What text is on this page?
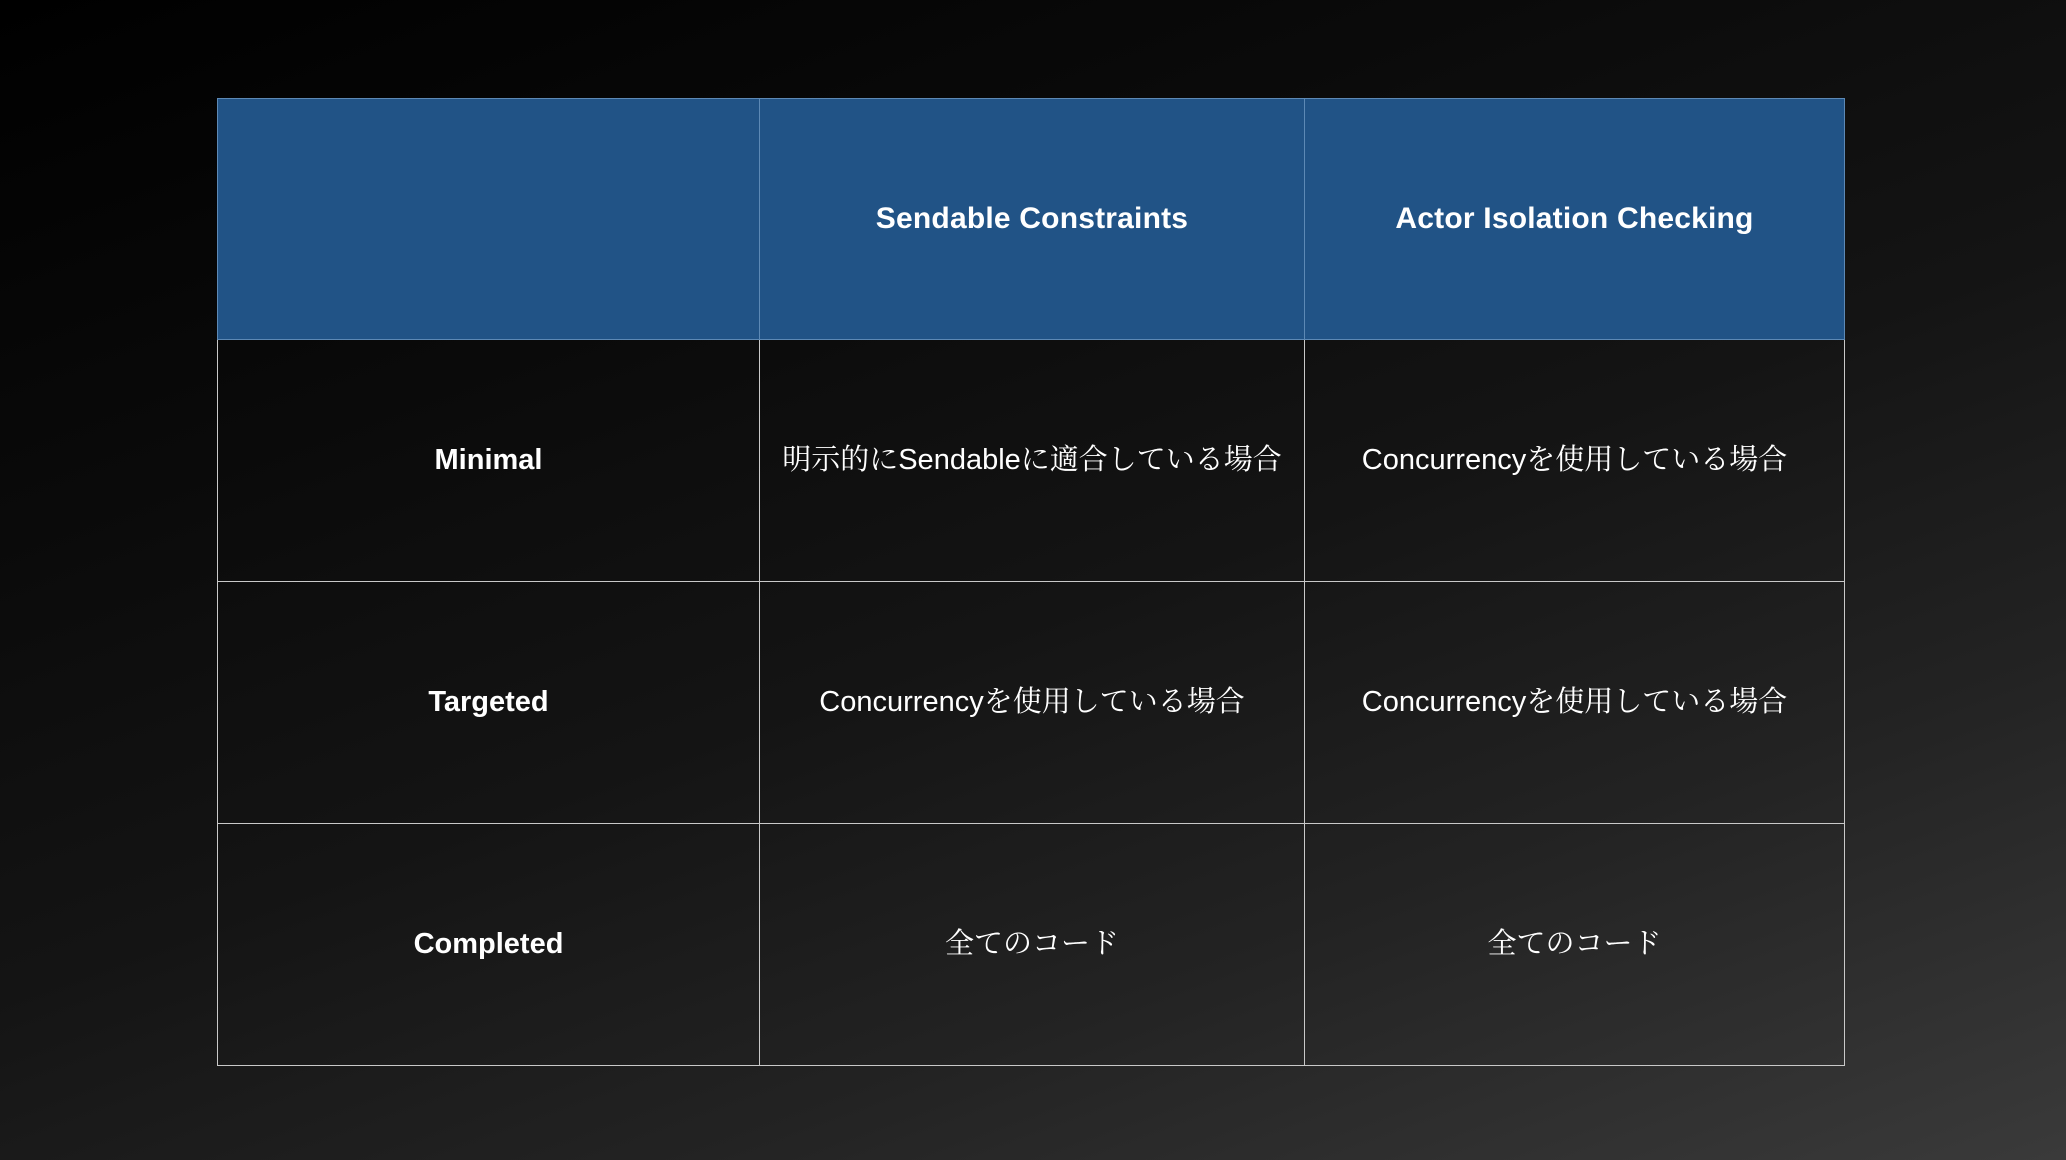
	Sendable Constraints	Actor Isolation Checking
Minimal	明示的にSendableに適合している場合	Concurrencyを使用している場合

Targeted	Concurrencyを使用している場合	Concurrencyを使用している場合

Completed	全てのコード	全てのコード
